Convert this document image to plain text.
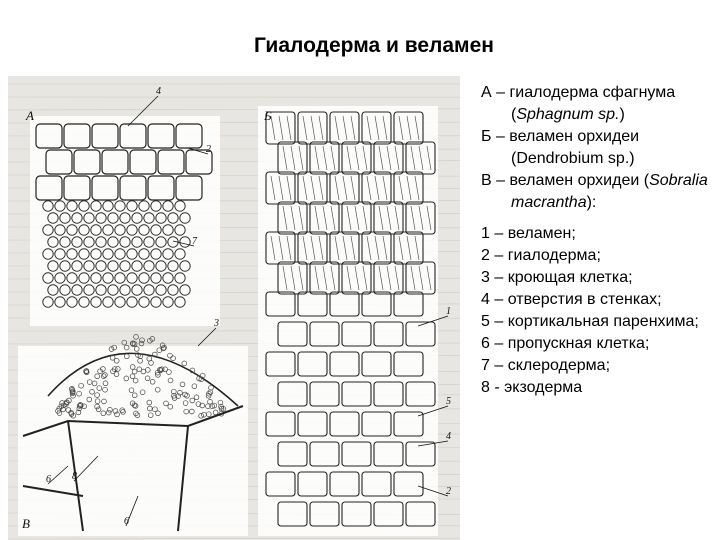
Гиалодерма и веламен
А	Б
В
4
2
7
3
8
6
6
1
5
2
4
А – гиалодерма сфагнума (Sphagnum sp.)
Б – веламен орхидеи (Dendrobium sp.)
В – веламен орхидеи (Sobralia macrantha):
1 – веламен;
2 – гиалодерма;
3 – кроющая клетка;
4 – отверстия в стенках;
5 – кортикальная паренхима;
6 – пропускная клетка;
7 – склеродерма;
8 - экзодерма
